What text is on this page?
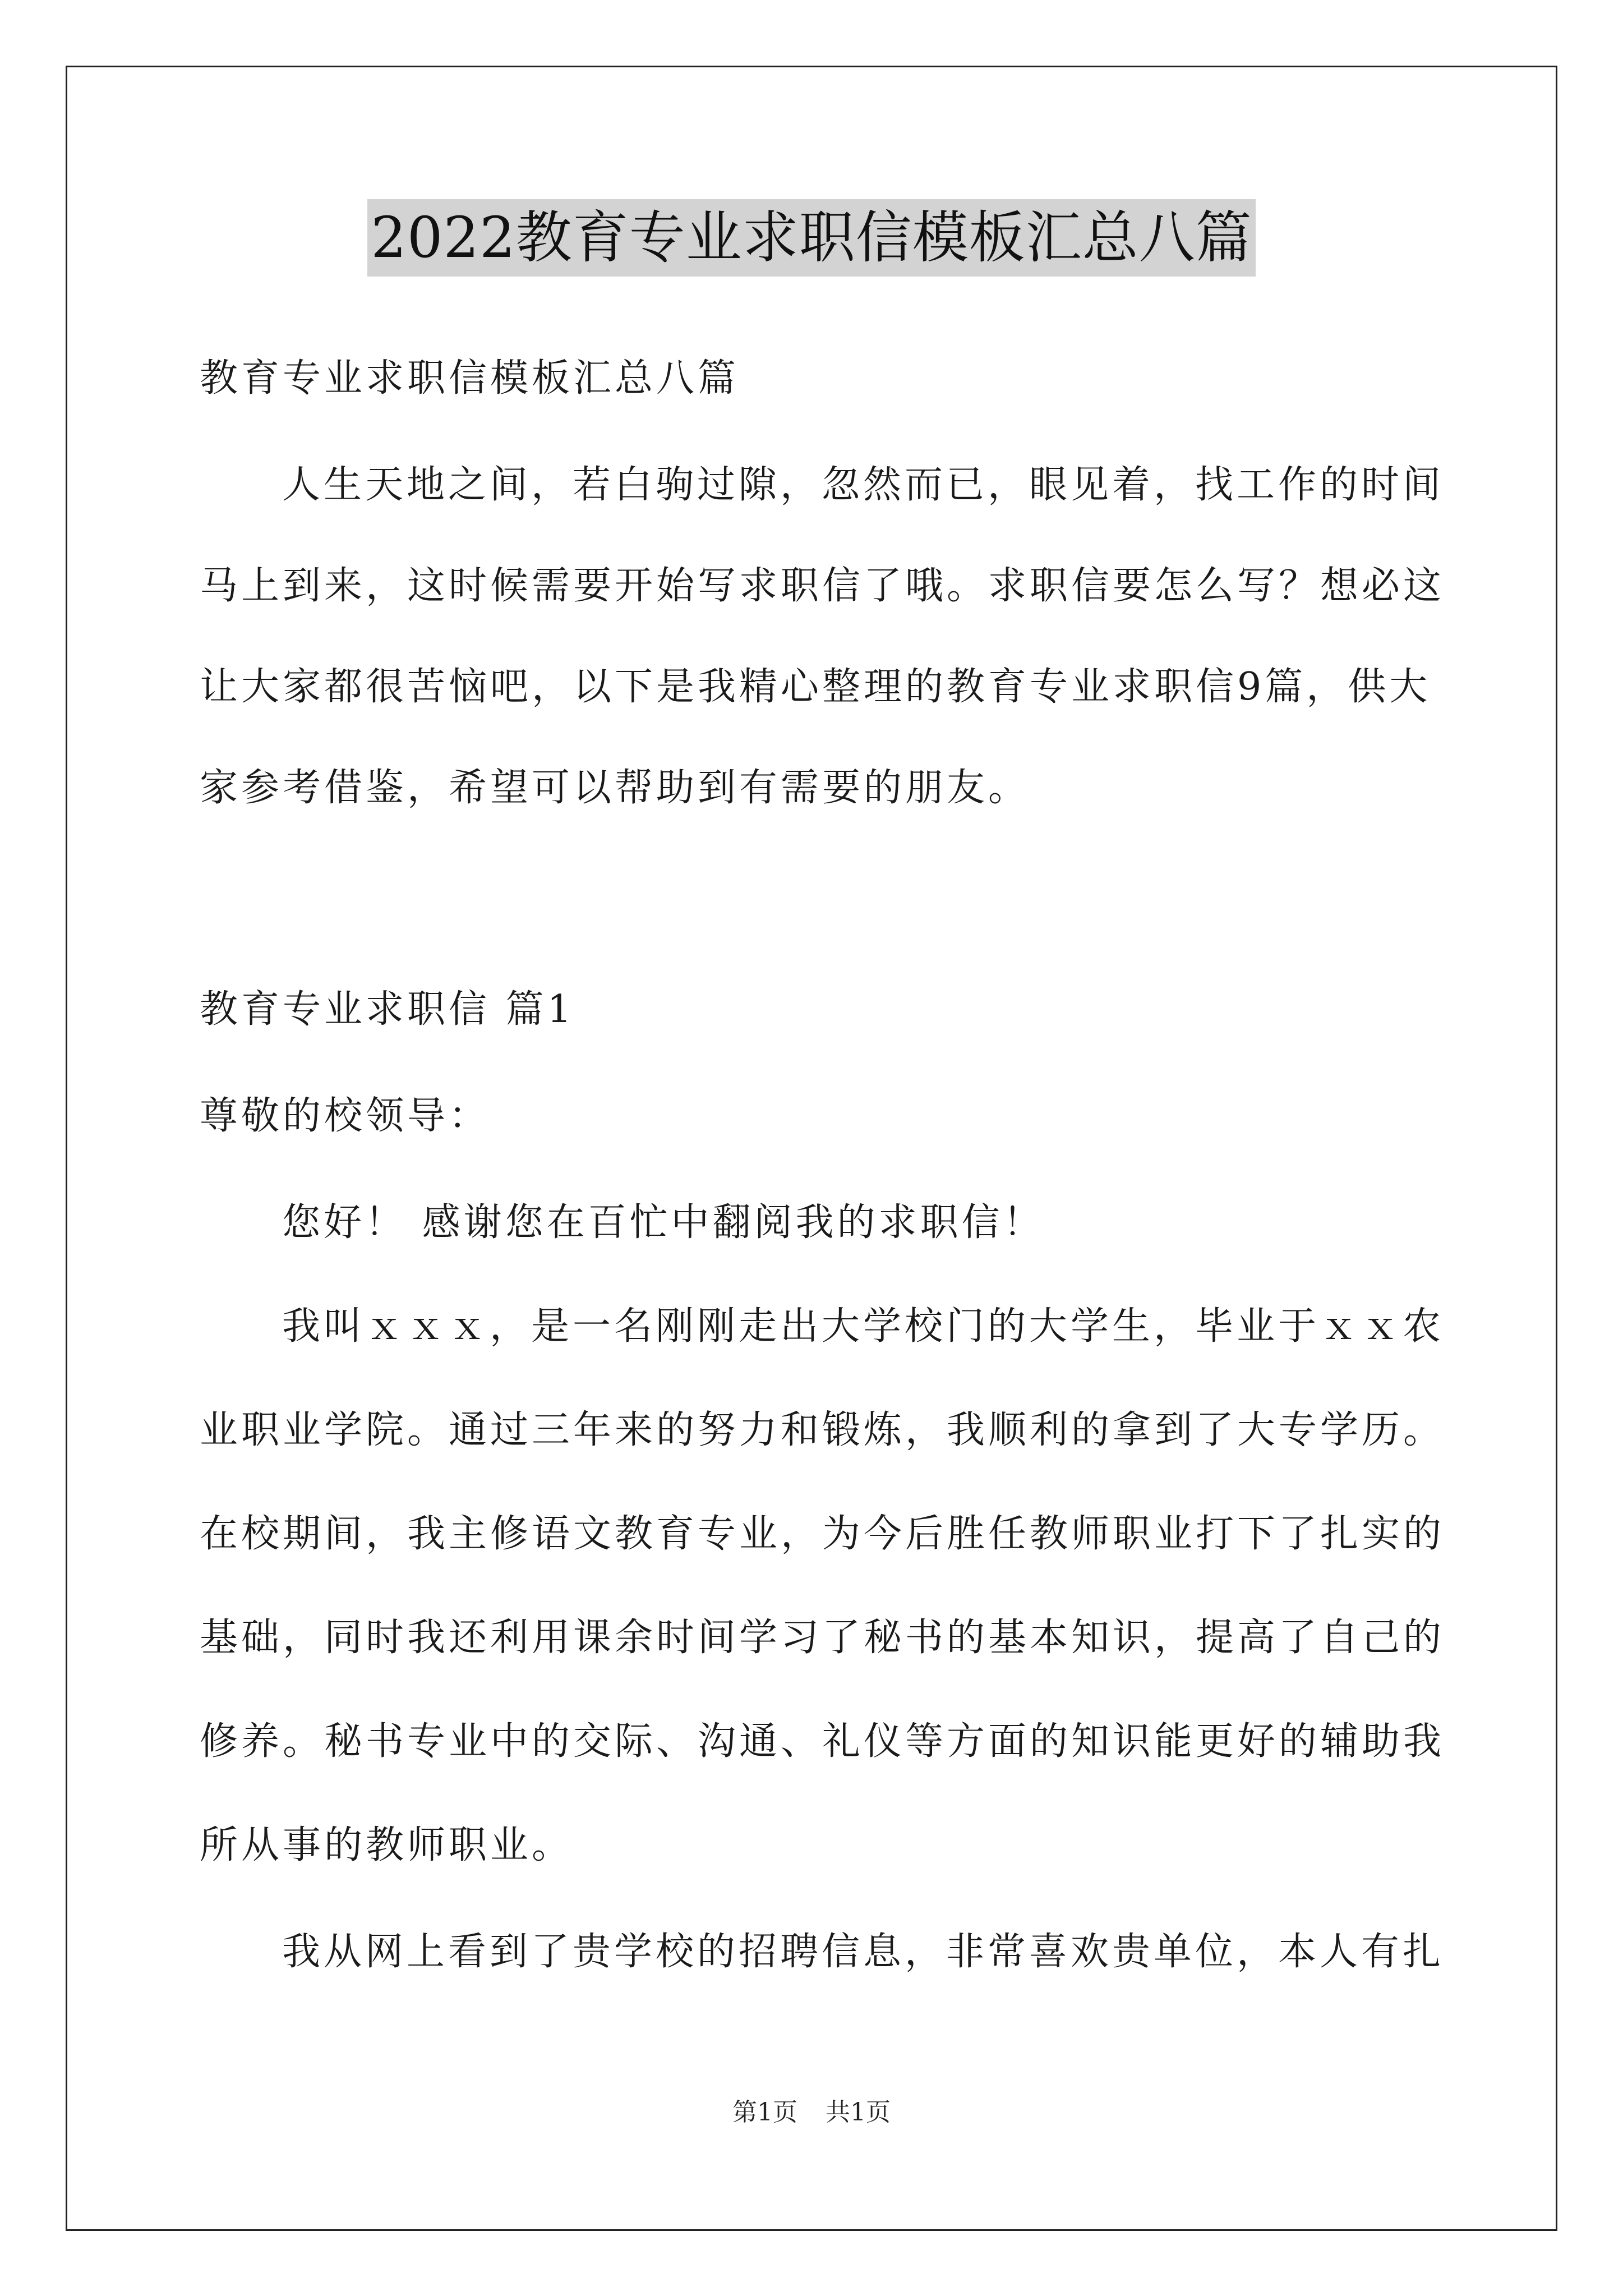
2022教育专业求职信模板汇总八篇
教育专业求职信模板汇总八篇
人生天地之间，若白驹过隙，忽然而已，眼见着，找工作的时间
马上到来，这时候需要开始写求职信了哦。求职信要怎么写？想必这
让大家都很苦恼吧，以下是我精心整理的教育专业求职信9篇，供大
家参考借鉴，希望可以帮助到有需要的朋友。
教育专业求职信 篇1
尊敬的校领导：
您好！ 感谢您在百忙中翻阅我的求职信！
我叫ｘｘｘ，是一名刚刚走出大学校门的大学生，毕业于ｘｘ农
业职业学院。通过三年来的努力和锻炼，我顺利的拿到了大专学历。
在校期间，我主修语文教育专业，为今后胜任教师职业打下了扎实的
基础，同时我还利用课余时间学习了秘书的基本知识，提高了自己的
修养。秘书专业中的交际、沟通、礼仪等方面的知识能更好的辅助我
所从事的教师职业。
我从网上看到了贵学校的招聘信息，非常喜欢贵单位，本人有扎
第1页 共1页
